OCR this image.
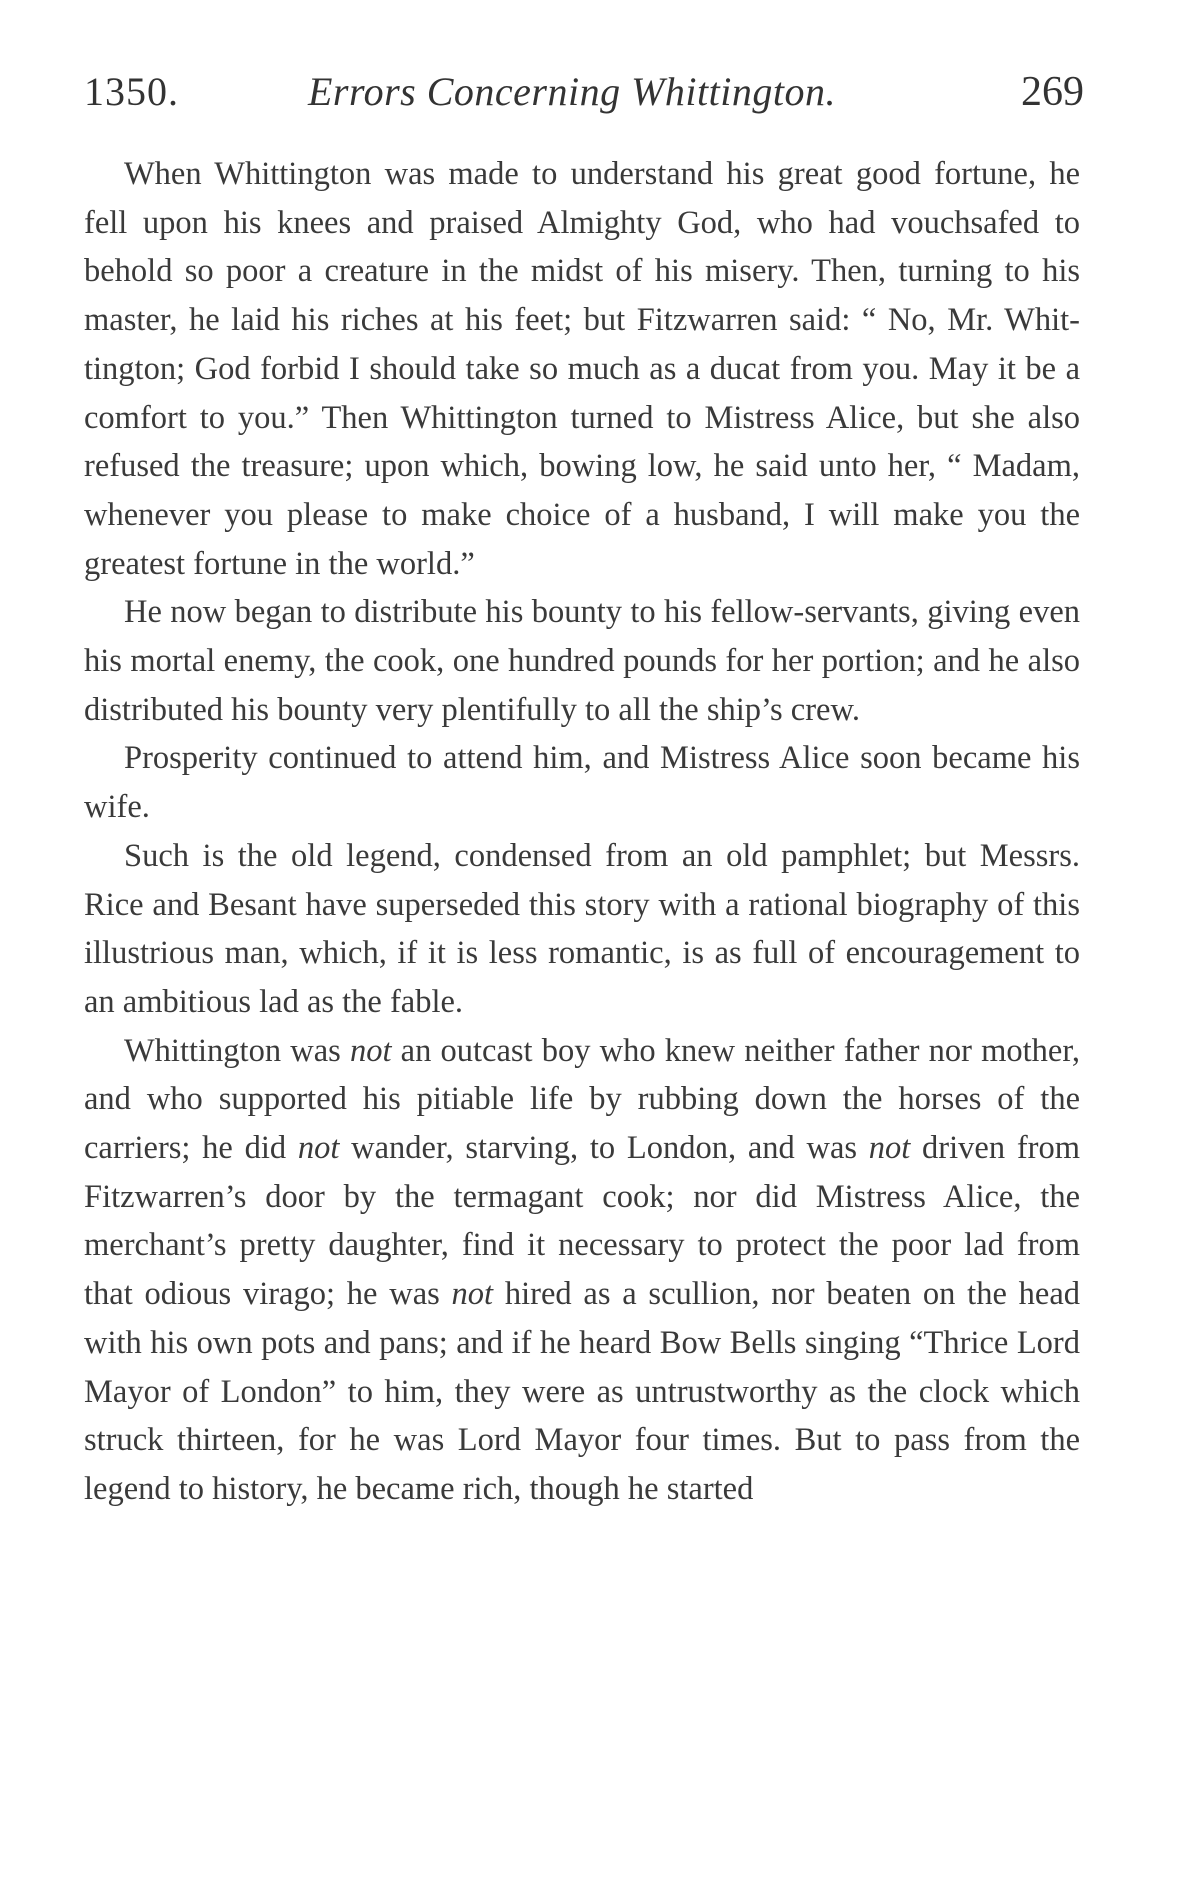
1350.	Errors Concerning Whittington.	269

When Whittington was made to understand his great good fortune, he fell upon his knees and praised Almighty God, who had vouchsafed to behold so poor a creature in the midst of his misery. Then, turning to his master, he laid his riches at his feet; but Fitzwarren said: “ No, Mr. Whittington; God forbid I should take so much as a ducat from you. May it be a comfort to you.” Then Whittington turned to Mistress Alice, but she also refused the treasure; upon which, bowing low, he said unto her, “ Madam, whenever you please to make choice of a husband, I will make you the greatest fortune in the world.”

He now began to distribute his bounty to his fellow-servants, giving even his mortal enemy, the cook, one hundred pounds for her portion; and he also distributed his bounty very plentifully to all the ship’s crew.

Prosperity continued to attend him, and Mistress Alice soon became his wife.

Such is the old legend, condensed from an old pamphlet; but Messrs. Rice and Besant have superseded this story with a rational biography of this illustrious man, which, if it is less romantic, is as full of encouragement to an ambitious lad as the fable.

Whittington was not an outcast boy who knew neither father nor mother, and who supported his pitiable life by rubbing down the horses of the carriers; he did not wander, starving, to London, and was not driven from Fitzwarren’s door by the termagant cook; nor did Mistress Alice, the merchant’s pretty daughter, find it necessary to protect the poor lad from that odious virago; he was not hired as a scullion, nor beaten on the head with his own pots and pans; and if he heard Bow Bells singing “Thrice Lord Mayor of London” to him, they were as untrustworthy as the clock which struck thirteen, for he was Lord Mayor four times. But to pass from the legend to history, he became rich, though he started
